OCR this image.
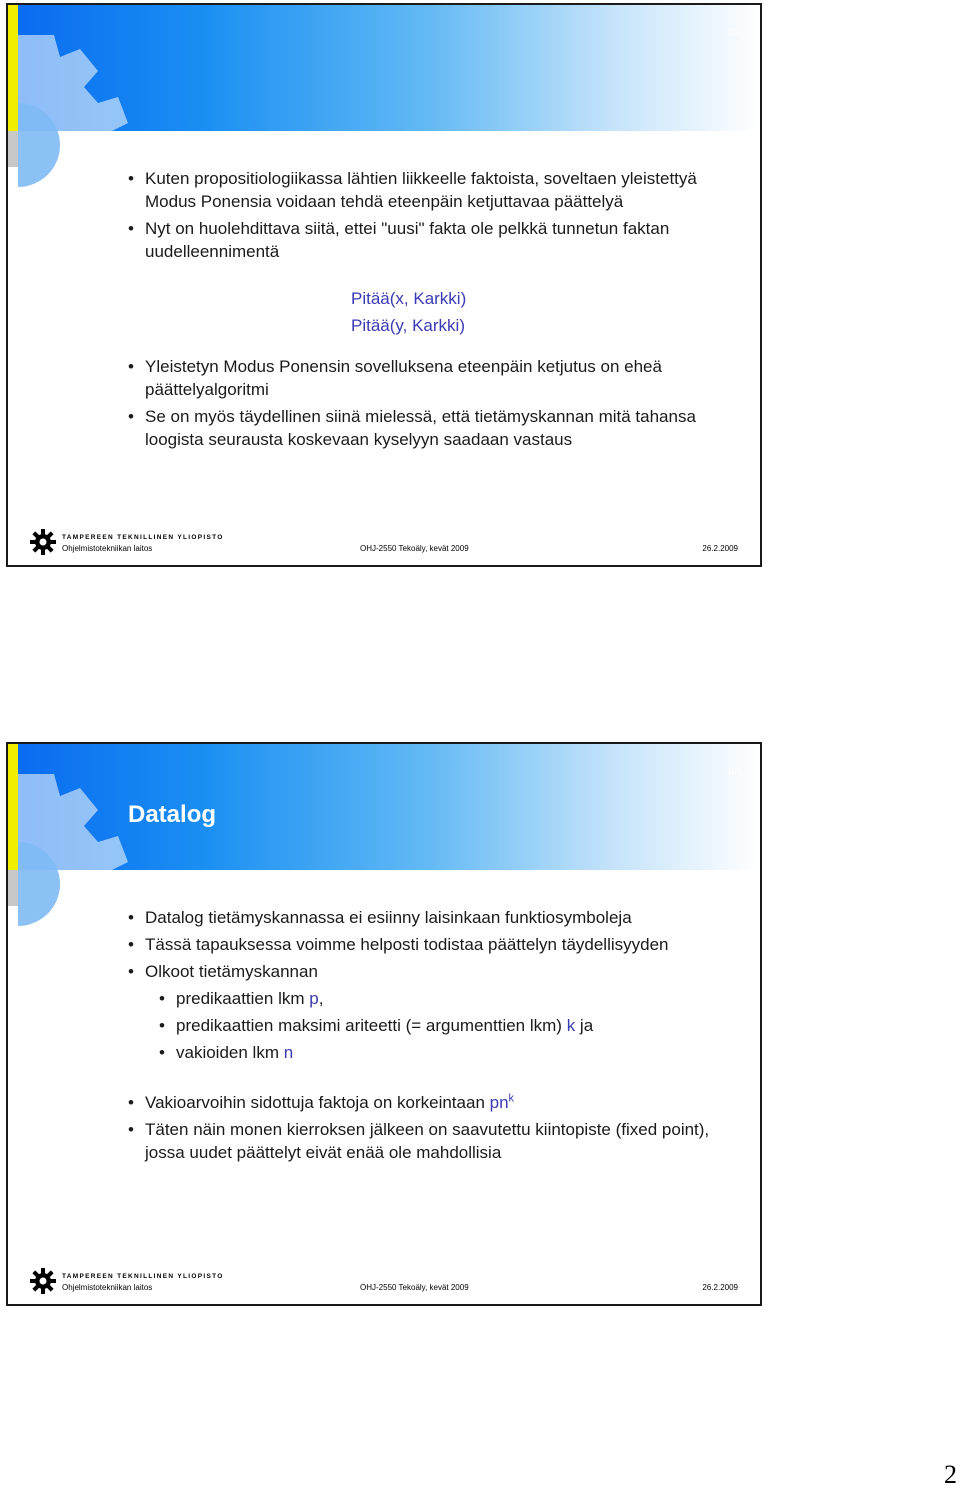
100

• Kuten propositiologiikassa lähtien liikkeelle faktoista, soveltaen yleistettyä Modus Ponensia voidaan tehdä eteenpäin ketjuttavaa päättelyä

• Nyt on huolehdittava siitä, ettei "uusi" fakta ole pelkkä tunnetun faktan uudelleennimentä

Pitää(x, Karkki)
Pitää(y, Karkki)

• Yleistetyn Modus Ponensin sovelluksena eteenpäin ketjutus on eheä päättelyalgoritmi

• Se on myös täydellinen siinä mielessä, että tietämyskannan mitä tahansa loogista seurausta koskevaan kyselyyn saadaan vastaus

TAMPEREEN TEKNILLINEN YLIOPISTO
Ohjelmistotekniikan laitos	OHJ-2550 Tekoäly, kevät 2009	26.2.2009
101
Datalog

• Datalog tietämyskannassa ei esiinny laisinkaan funktiosymboleja

• Tässä tapauksessa voimme helposti todistaa päättelyn täydellisyyden

• Olkoot tietämyskannan

• predikaattien lkm p,
• predikaattien maksimi ariteetti (= argumenttien lkm) k ja
• vakioiden lkm n

• Vakioarvoihin sidottuja faktoja on korkeintaan $pn^k$

• Täten näin monen kierroksen jälkeen on saavutettu kiintopiste (fixed point), jossa uudet päättelyt eivät enää ole mahdollisia

TAMPEREEN TEKNILLINEN YLIOPISTO
Ohjelmistotekniikan laitos	OHJ-2550 Tekoäly, kevät 2009	26.2.2009
2
